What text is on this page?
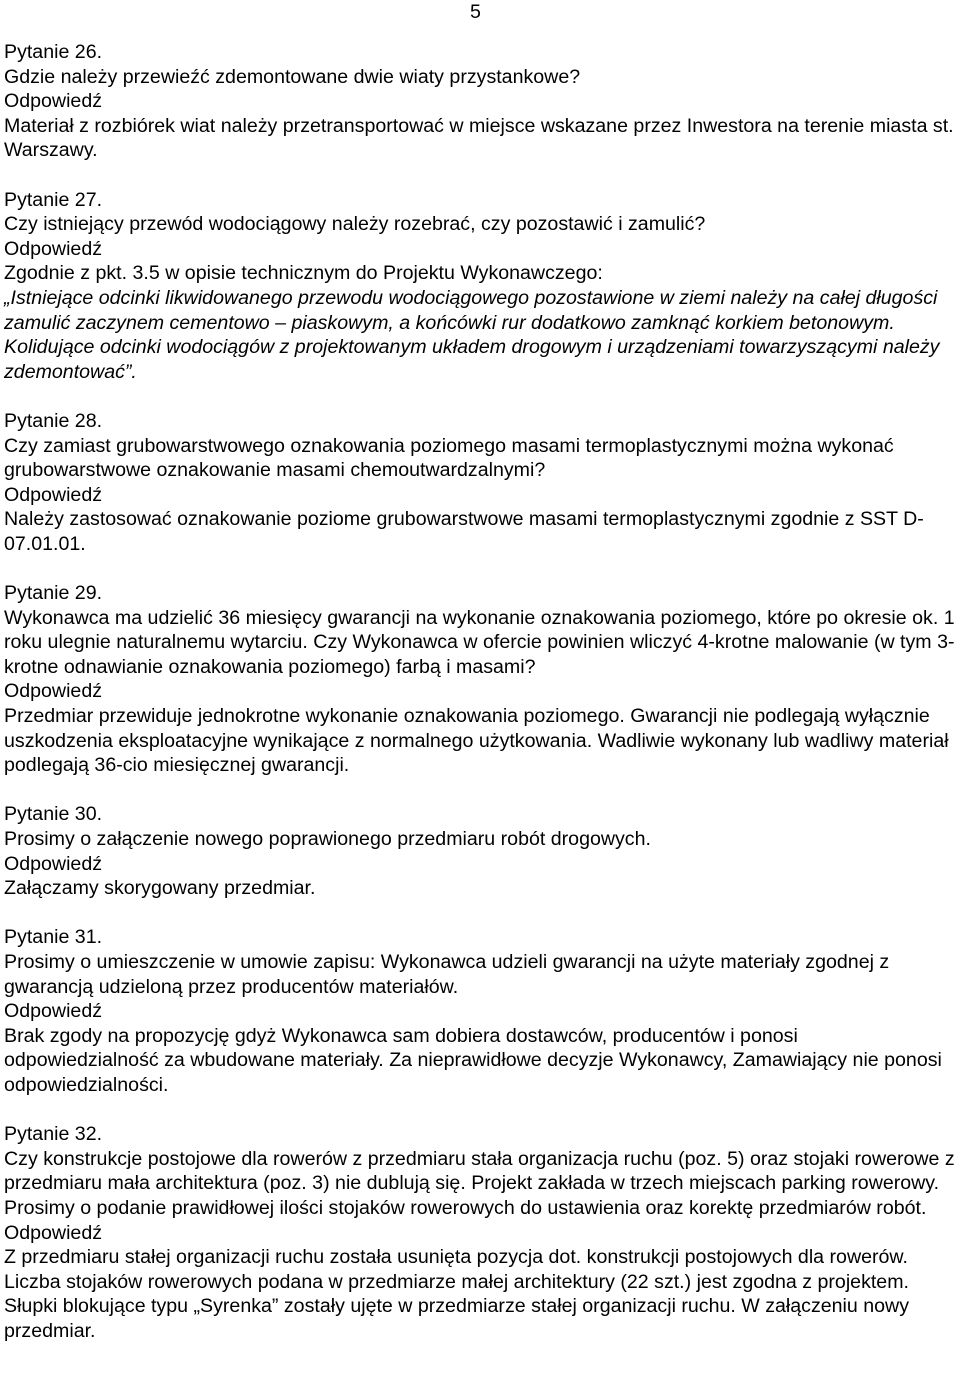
5

Pytanie 26.

Gdzie należy przewieźć zdemontowane dwie wiaty przystankowe?

Odpowiedź

Materiał z rozbiórek wiat należy przetransportować w miejsce wskazane przez Inwestora na terenie miasta st. Warszawy.

Pytanie 27.

Czy istniejący przewód wodociągowy należy rozebrać, czy pozostawić i zamulić?

Odpowiedź

Zgodnie z pkt. 3.5 w opisie technicznym do Projektu Wykonawczego:

„Istniejące odcinki likwidowanego przewodu wodociągowego pozostawione w ziemi należy na całej długości zamulić zaczynem cementowo – piaskowym, a końcówki rur dodatkowo zamknąć korkiem betonowym. Kolidujące odcinki wodociągów z projektowanym układem drogowym i urządzeniami towarzyszącymi należy zdemontować”.

Pytanie 28.

Czy zamiast grubowarstwowego oznakowania poziomego masami termoplastycznymi można wykonać grubowarstwowe oznakowanie masami chemoutwardzalnymi?

Odpowiedź

Należy zastosować oznakowanie poziome grubowarstwowe masami termoplastycznymi zgodnie z SST D-07.01.01.

Pytanie 29.

Wykonawca ma udzielić 36 miesięcy gwarancji na wykonanie oznakowania poziomego, które po okresie ok. 1 roku ulegnie naturalnemu wytarciu. Czy Wykonawca w ofercie powinien wliczyć 4-krotne malowanie (w tym 3- krotne odnawianie oznakowania poziomego) farbą i masami?

Odpowiedź

Przedmiar przewiduje jednokrotne wykonanie oznakowania poziomego. Gwarancji nie podlegają wyłącznie uszkodzenia eksploatacyjne wynikające z normalnego użytkowania. Wadliwie wykonany lub wadliwy materiał podlegają 36-cio miesięcznej gwarancji.

Pytanie 30.

Prosimy o załączenie nowego poprawionego przedmiaru robót drogowych.

Odpowiedź

Załączamy skorygowany przedmiar.

Pytanie 31.

Prosimy o umieszczenie w umowie zapisu: Wykonawca udzieli gwarancji na użyte materiały zgodnej z gwarancją udzieloną przez producentów materiałów.

Odpowiedź

Brak zgody na propozycję gdyż Wykonawca sam dobiera dostawców, producentów i ponosi odpowiedzialność za wbudowane materiały. Za nieprawidłowe decyzje Wykonawcy, Zamawiający nie ponosi odpowiedzialności.

Pytanie 32.

Czy konstrukcje postojowe dla rowerów z przedmiaru stała organizacja ruchu (poz. 5) oraz stojaki rowerowe z przedmiaru mała architektura (poz. 3) nie dublują się. Projekt zakłada w trzech miejscach parking rowerowy. Prosimy o podanie prawidłowej ilości stojaków rowerowych do ustawienia oraz korektę przedmiarów robót.

Odpowiedź

Z przedmiaru stałej organizacji ruchu została usunięta pozycja dot. konstrukcji postojowych dla rowerów. Liczba stojaków rowerowych podana w przedmiarze małej architektury (22 szt.) jest zgodna z projektem. Słupki blokujące typu „Syrenka” zostały ujęte w przedmiarze stałej organizacji ruchu. W załączeniu nowy przedmiar.
